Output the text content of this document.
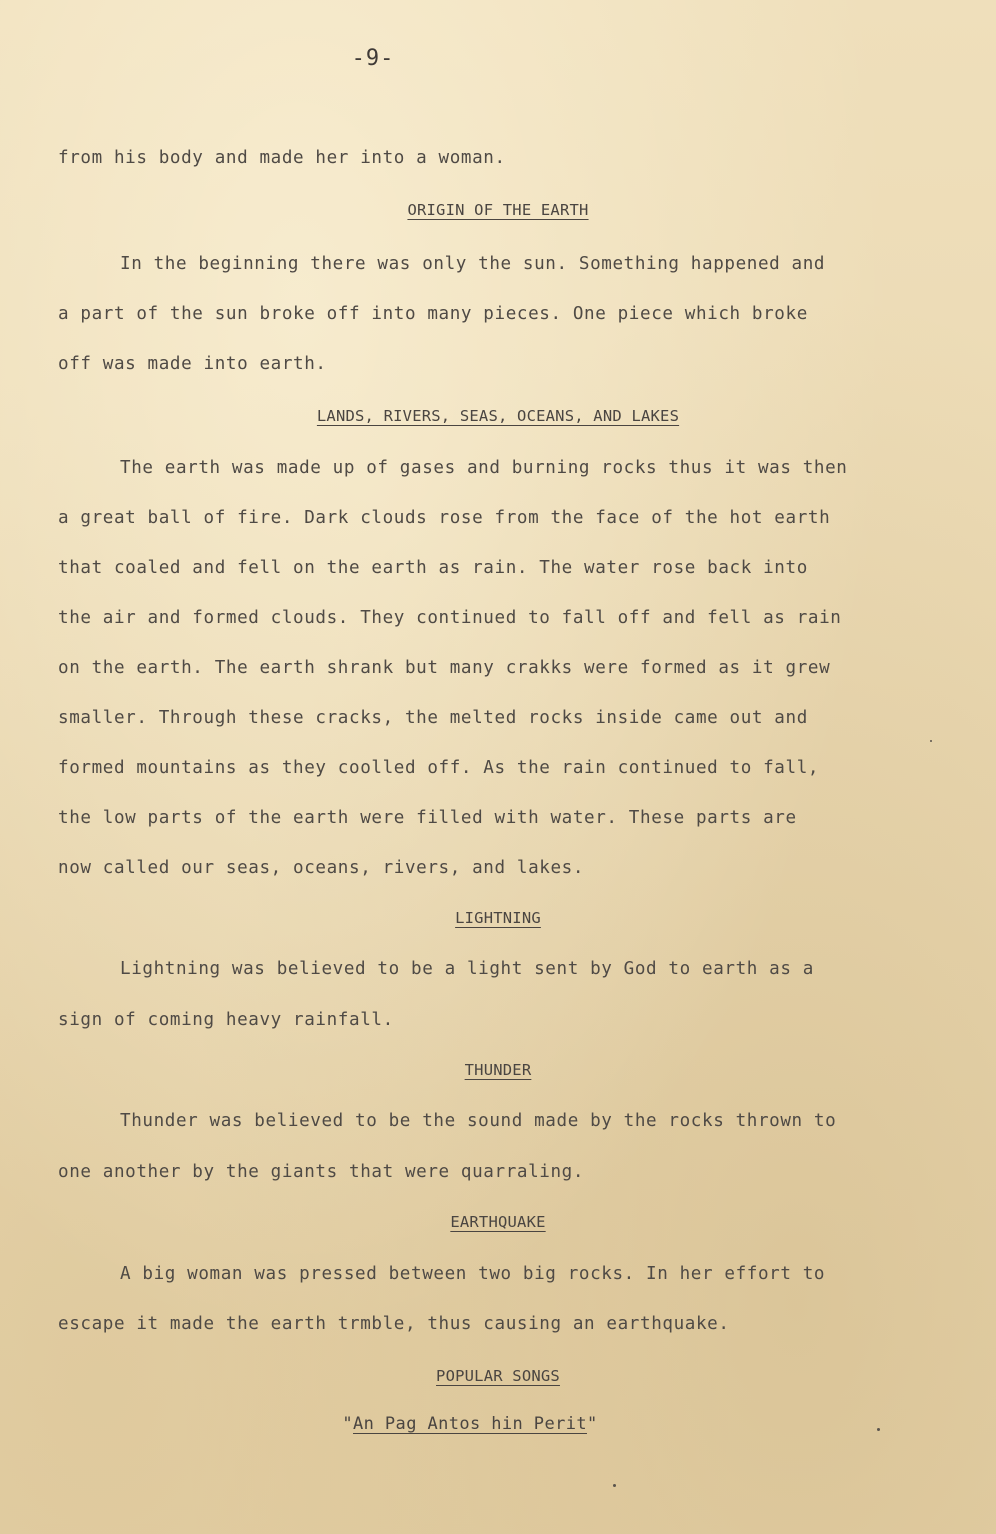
-9-
from his body and made her into a woman.
ORIGIN OF THE EARTH
In the beginning there was only the sun. Something happened and
a part of the sun broke off into many pieces. One piece which broke
off was made into earth.
LANDS, RIVERS, SEAS, OCEANS, AND LAKES
The earth was made up of gases and burning rocks thus it was then
a great ball of fire. Dark clouds rose from the face of the hot earth
that coaled and fell on the earth as rain. The water rose back into
the air and formed clouds. They continued to fall off and fell as rain
on the earth. The earth shrank but many crakks were formed as it grew
smaller. Through these cracks, the melted rocks inside came out and
formed mountains as they coolled off. As the rain continued to fall,
the low parts of the earth were filled with water. These parts are
now called our seas, oceans, rivers, and lakes.
LIGHTNING
Lightning was believed to be a light sent by God to earth as a
sign of coming heavy rainfall.
THUNDER
Thunder was believed to be the sound made by the rocks thrown to
one another by the giants that were quarraling.
EARTHQUAKE
A big woman was pressed between two big rocks. In her effort to
escape it made the earth trmble, thus causing an earthquake.
POPULAR SONGS
"An Pag Antos hin Perit"
